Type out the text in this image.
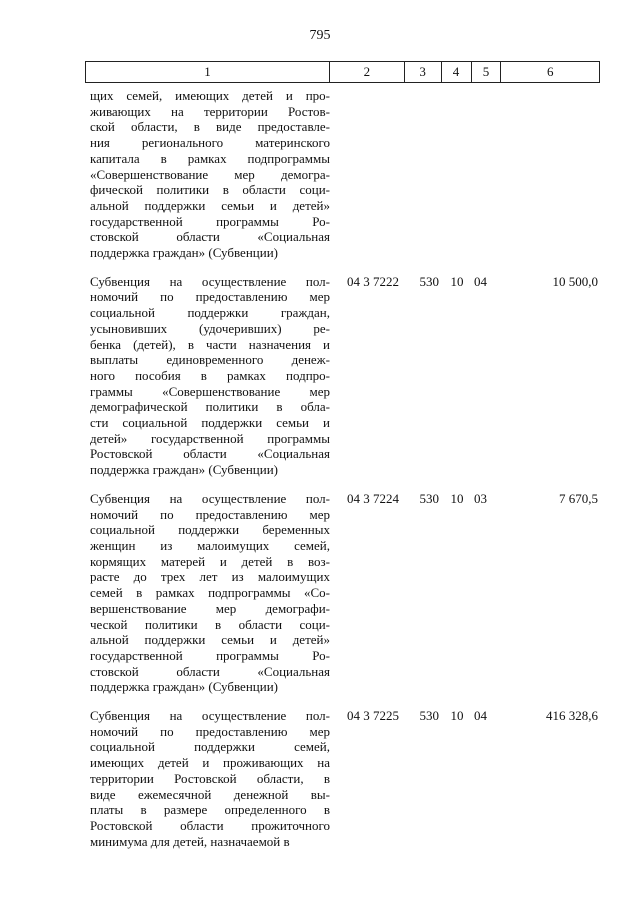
795
1	2	3	4	5	6
щих семей, имеющих детей и про-
живающих на территории Ростов-
ской области, в виде предоставле-
ния регионального материнского
капитала в рамках подпрограммы
«Совершенствование мер демогра-
фической политики в области соци-
альной поддержки семьи и детей»
государственной программы Ро-
стовской области «Социальная
поддержка граждан» (Субвенции)
Субвенция на осуществление пол-
номочий по предоставлению мер
социальной поддержки граждан,
усыновивших (удочеривших) ре-
бенка (детей), в части назначения и
выплаты единовременного денеж-
ного пособия в рамках подпро-
граммы «Совершенствование мер
демографической политики в обла-
сти социальной поддержки семьи и
детей» государственной программы
Ростовской области «Социальная
поддержка граждан» (Субвенции)
04 3 7222	530 10 04	10 500,0
Субвенция на осуществление пол-
номочий по предоставлению мер
социальной поддержки беременных
женщин из малоимущих семей,
кормящих матерей и детей в воз-
расте до трех лет из малоимущих
семей в рамках подпрограммы «Со-
вершенствование мер демографи-
ческой политики в области соци-
альной поддержки семьи и детей»
государственной программы Ро-
стовской области «Социальная
поддержка граждан» (Субвенции)
04 3 7224	530 10 03	7 670,5
Субвенция на осуществление пол-
номочий по предоставлению мер
социальной поддержки семей,
имеющих детей и проживающих на
территории Ростовской области, в
виде ежемесячной денежной вы-
платы в размере определенного в
Ростовской области прожиточного
минимума для детей, назначаемой в
04 3 7225	530 10 04	416 328,6
